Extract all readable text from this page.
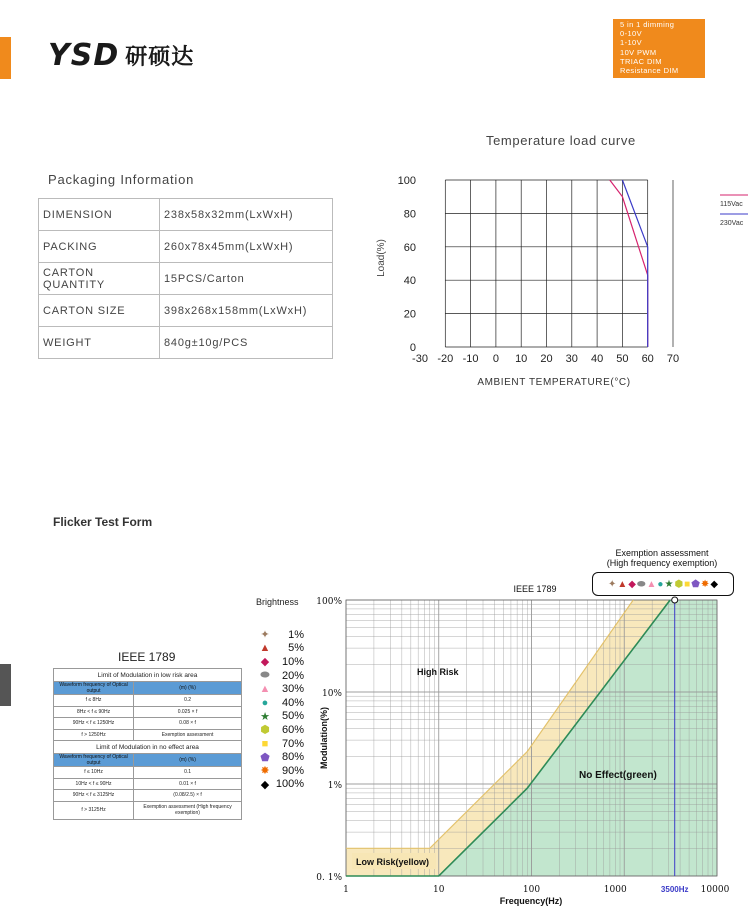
YSD 研硕达
5 in 1 dimming
0-10V
1-10V
10V PWM
TRIAC DIM
Resistance DIM
Packaging Information
DIMENSION	238x58x32mm(LxWxH)
PACKING	260x78x45mm(LxWxH)
CARTON QUANTITY	15PCS/Carton
CARTON SIZE	398x268x158mm(LxWxH)
WEIGHT	840g±10g/PCS
Temperature load curve
Load(%)
AMBIENT TEMPERATURE(°C)
115Vac
230Vac
-30 -20 -10 0 10 20 30 40 50 60 70
0
20
40
60
80
100
Flicker Test Form
IEEE 1789
Limit of Modulation in low risk area	
Waveform frequency of Optical output	(m) (%)
f ≤ 8Hz	0.2
8Hz < f ≤ 90Hz	0.025 × f
90Hz < f ≤ 1250Hz	0.08 × f
f > 1250Hz	Exemption assessment
Limit of Modulation in no effect area	
Waveform frequency of Optical output	(m) (%)
f ≤ 10Hz	0.1
10Hz < f ≤ 90Hz	0.01 × f
90Hz < f ≤ 3125Hz	(0.08/2.5) × f
f > 3125Hz	Exemption assessment (High frequency exemption)
Brightness
✦	1%
▲	5%
◆	10%
⬬	20%
▲	30%
●	40%
★	50%
⬢	60%
■	70%
⬟	80%
✸	90%
◆ 100%
Exemption assessment
(High frequency exemption)
✦ ▲ ◆ ⬬ ▲ ● ★ ⬢ ■ ⬟ ✸ ◆
3500Hz
1	10	100	1000	10000
100%
10%
1%
0. 1%
IEEE 1789
High Risk
No Effect(green)
Low Risk(yellow)
Modulation(%)
Frequency(Hz)
